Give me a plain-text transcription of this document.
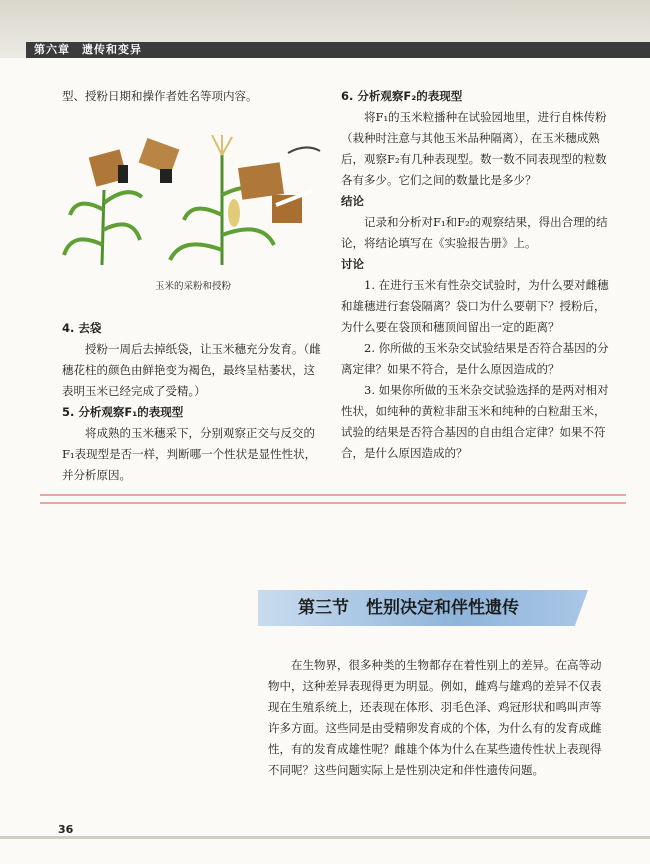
第六章　遗传和变异

型、授粉日期和操作者姓名等项内容。

玉米的采粉和授粉

4. 去袋

授粉一周后去掉纸袋，让玉米穗充分发育。（雌穗花柱的颜色由鲜艳变为褐色，最终呈枯萎状，这表明玉米已经完成了受精。）

5. 分析观察F₁的表现型

将成熟的玉米穗采下，分别观察正交与反交的F₁表现型是否一样，判断哪一个性状是显性性状，并分析原因。

6. 分析观察F₂的表现型

将F₁的玉米粒播种在试验园地里，进行自株传粉（栽种时注意与其他玉米品种隔离），在玉米穗成熟后，观察F₂有几种表现型。数一数不同表现型的粒数各有多少。它们之间的数量比是多少？

结论

记录和分析对F₁和F₂的观察结果，得出合理的结论，将结论填写在《实验报告册》上。

讨论

1. 在进行玉米有性杂交试验时，为什么要对雌穗和雄穗进行套袋隔离？袋口为什么要朝下？授粉后，为什么要在袋顶和穗顶间留出一定的距离？

2. 你所做的玉米杂交试验结果是否符合基因的分离定律？如果不符合，是什么原因造成的？

3. 如果你所做的玉米杂交试验选择的是两对相对性状，如纯种的黄粒非甜玉米和纯种的白粒甜玉米，试验的结果是否符合基因的自由组合定律？如果不符合，是什么原因造成的？

第三节　性别决定和伴性遗传

在生物界，很多种类的生物都存在着性别上的差异。在高等动物中，这种差异表现得更为明显。例如，雌鸡与雄鸡的差异不仅表现在生殖系统上，还表现在体形、羽毛色泽、鸡冠形状和鸣叫声等许多方面。这些同是由受精卵发育成的个体，为什么有的发育成雌性，有的发育成雄性呢？雌雄个体为什么在某些遗传性状上表现得不同呢？这些问题实际上是性别决定和伴性遗传问题。

36
